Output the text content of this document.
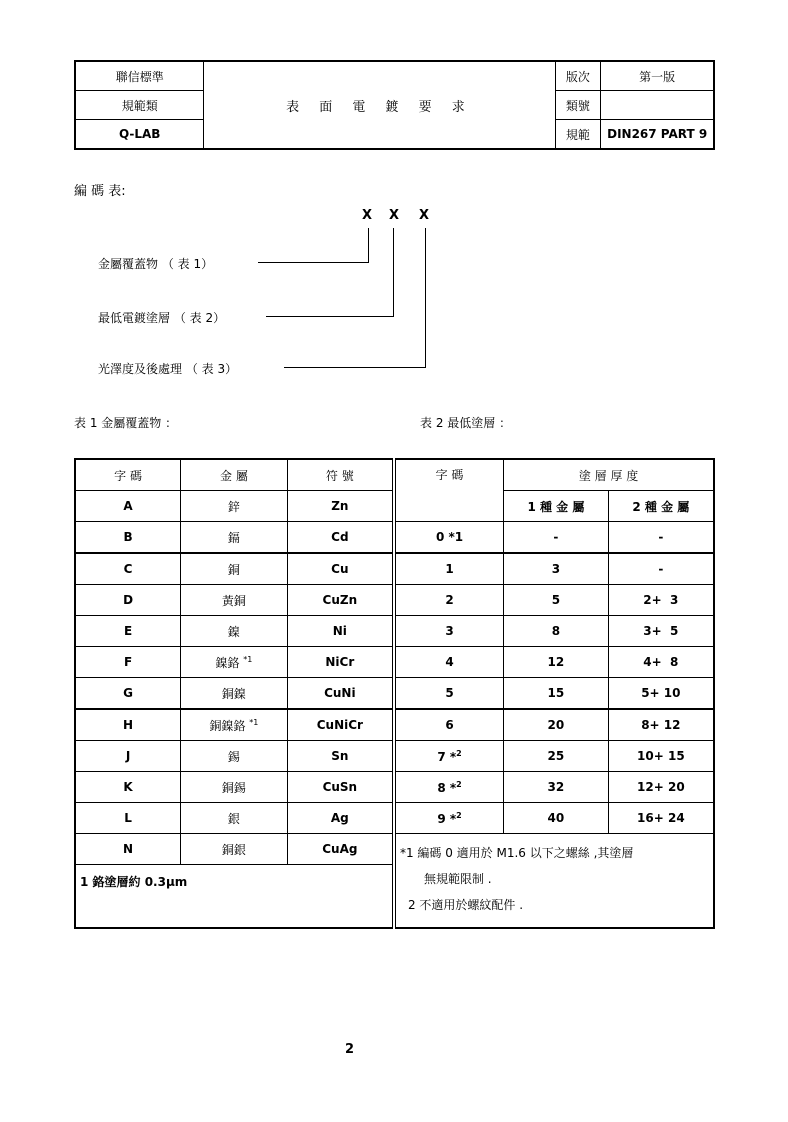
聯信標準	表 面 電 鍍 要 求	版次	第一版
規範類		類號	
Q-LAB		規範	DIN267 PART 9
編 碼 表:
X X X
金屬覆蓋物 （ 表 1）
最低電鍍塗層 （ 表 2）
光澤度及後處理 （ 表 3）
表 1 金屬覆蓋物 ：	表 2 最低塗層 ：
字 碼	金 屬	符 號	字 碼	塗 層 厚 度	
A	鋅	Zn		1 種 金 屬	2 種 金 屬
B	鎘	Cd	0 *1	-	-
C	銅	Cu	1	3	-
D	黃銅	CuZn	2	5	2+  3
E	鎳	Ni	3	8	3+  5
F	鎳鉻 $^{*1}$	NiCr	4	12	4+  8
G	銅鎳	CuNi	5	15	5+ 10
H	銅鎳鉻 $^{*1}$	CuNiCr	6	20	8+ 12
J	錫	Sn	7 *$^2$	25	10+ 15
K	銅錫	CuSn	8 *$^2$	32	12+ 20
L	銀	Ag	9 *$^2$	40	16+ 24
N	銅銀	CuAg	*1 編碼 0 適用於 M1.6 以下之螺絲 ,其塗層
無規範限制 .
2 不適用於螺紋配件 .		

1 鉻塗層約 0.3µm					

2
